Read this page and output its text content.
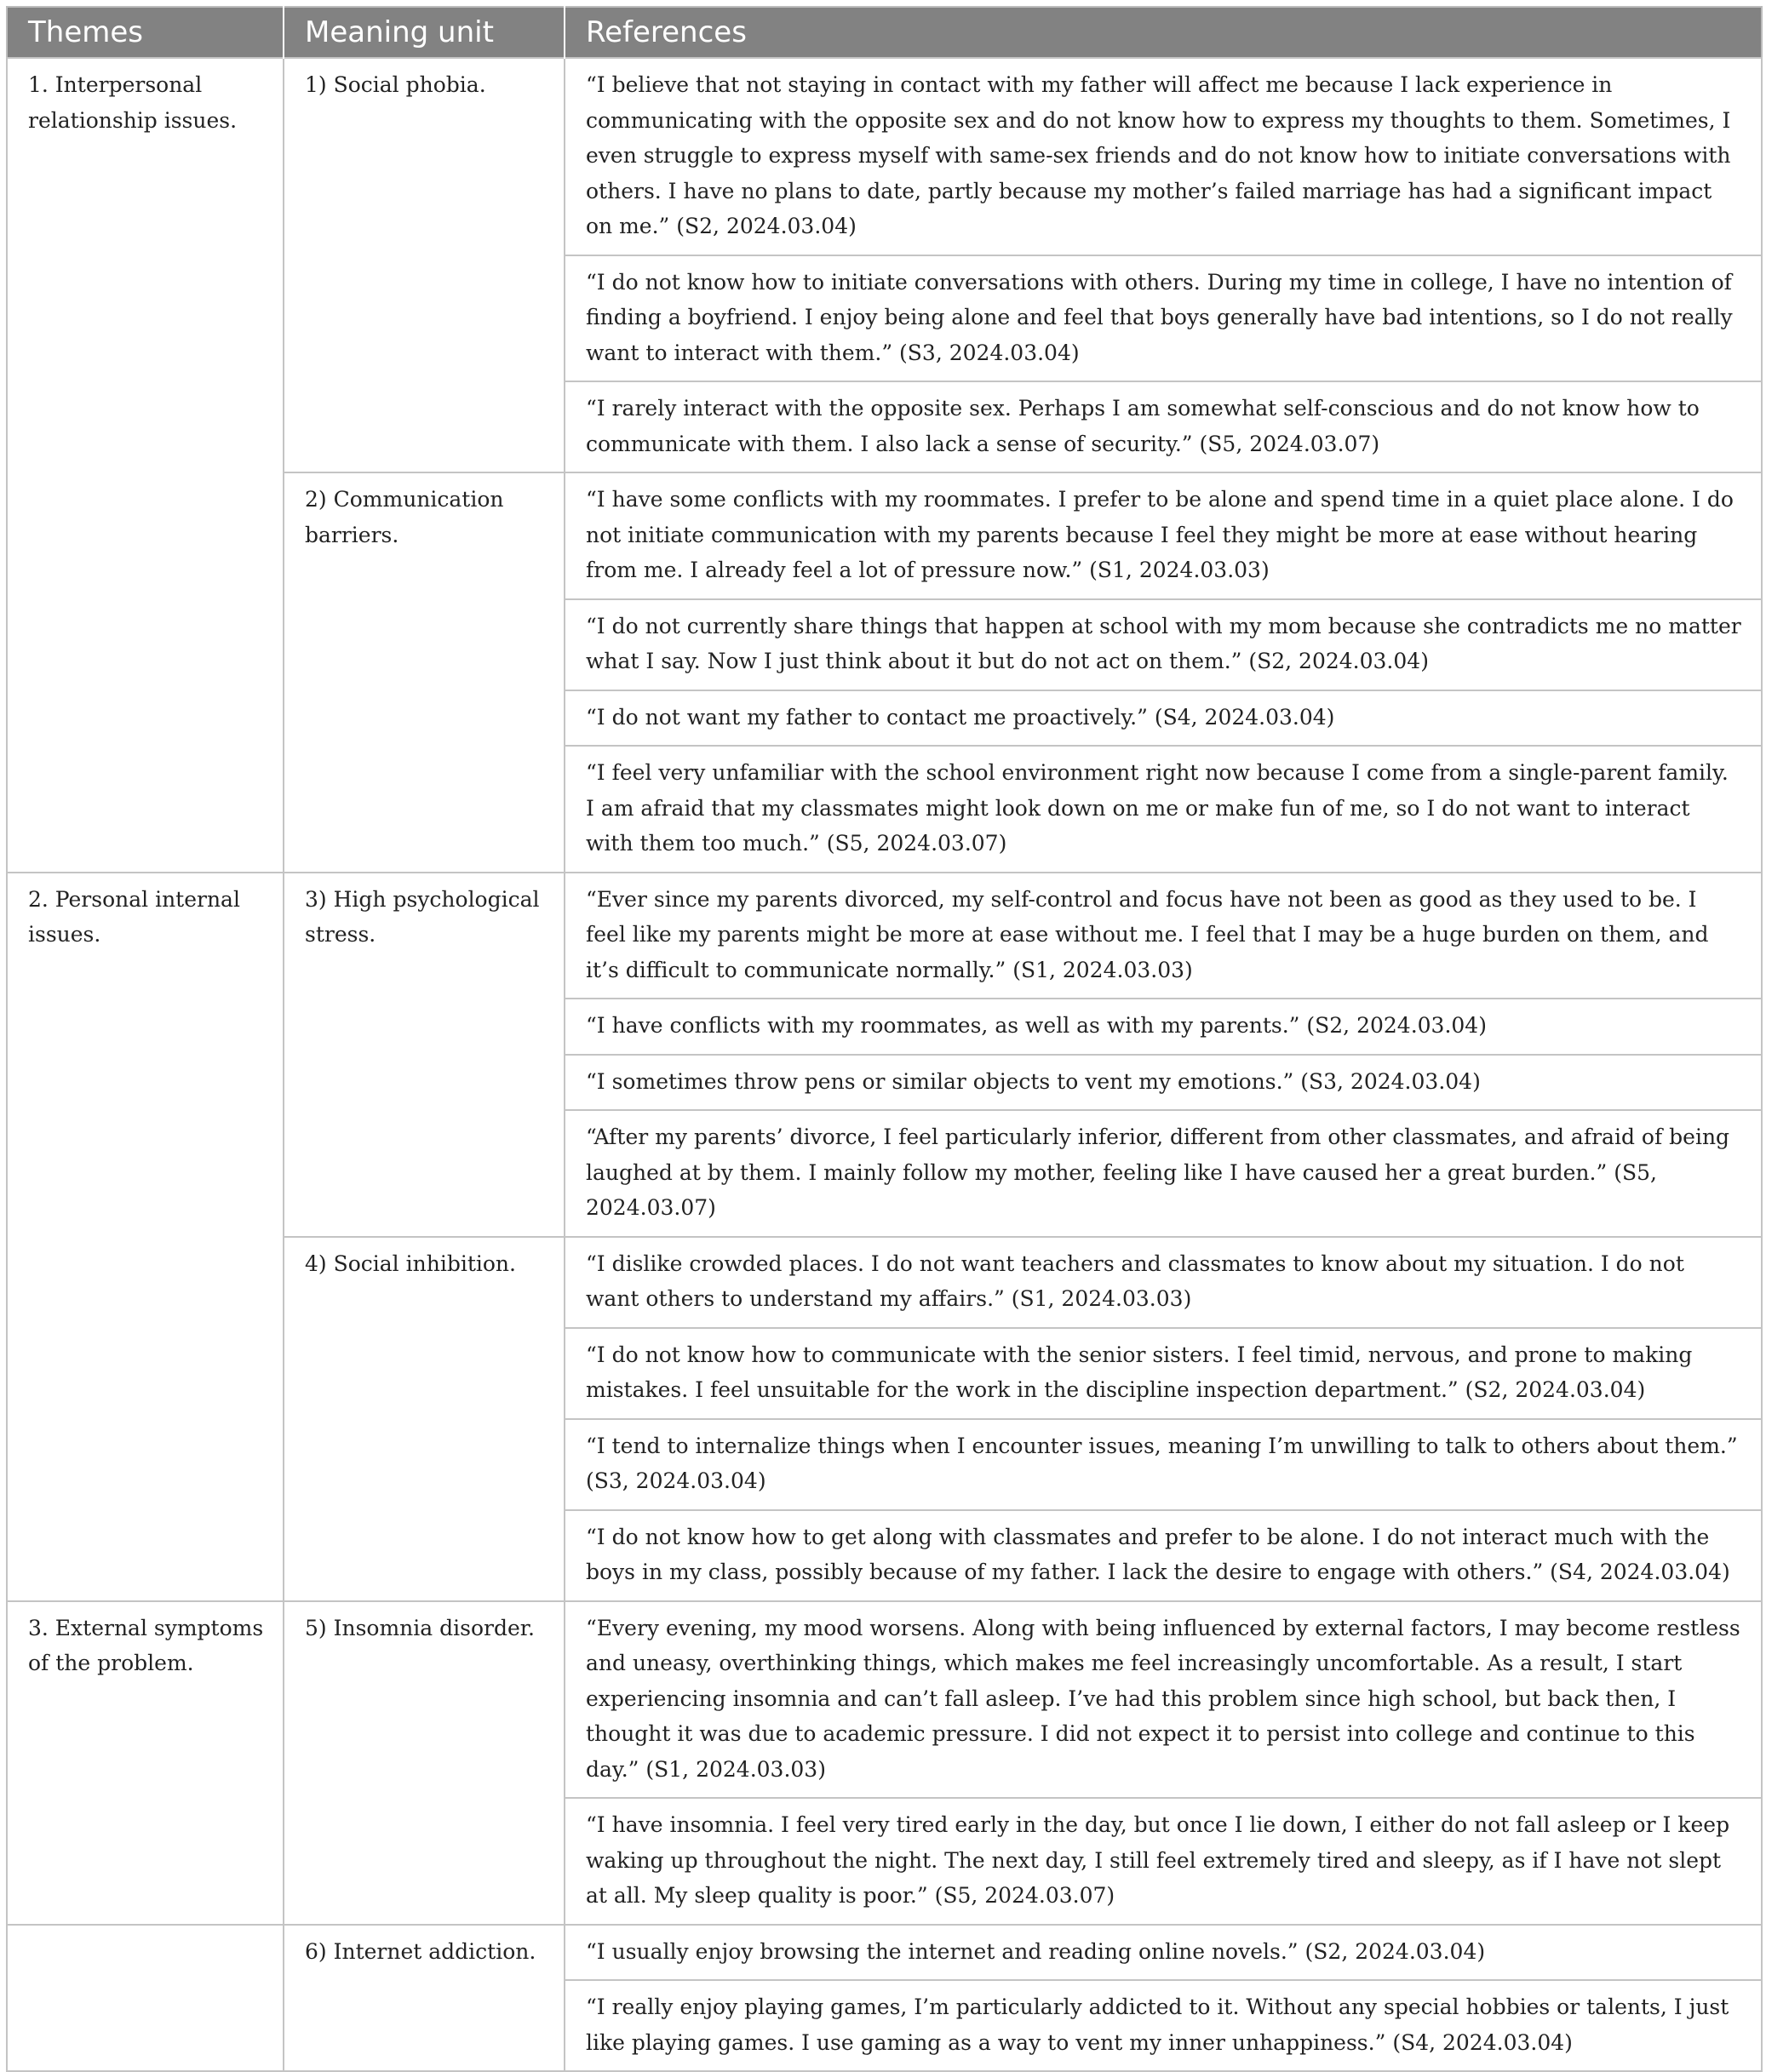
Themes	Meaning unit	References
1. Interpersonal relationship issues.	1) Social phobia.	“I believe that not staying in contact with my father will affect me because I lack experience in communicating with the opposite sex and do not know how to express my thoughts to them. Sometimes, I even struggle to express myself with same-sex friends and do not know how to initiate conversations with others. I have no plans to date, partly because my mother’s failed marriage has had a significant impact on me.” (S2, 2024.03.04)
		“I do not know how to initiate conversations with others. During my time in college, I have no intention of finding a boyfriend. I enjoy being alone and feel that boys generally have bad intentions, so I do not really want to interact with them.” (S3, 2024.03.04)
		“I rarely interact with the opposite sex. Perhaps I am somewhat self-conscious and do not know how to communicate with them. I also lack a sense of security.” (S5, 2024.03.07)
	2) Communication barriers.	“I have some conflicts with my roommates. I prefer to be alone and spend time in a quiet place alone. I do not initiate communication with my parents because I feel they might be more at ease without hearing from me. I already feel a lot of pressure now.” (S1, 2024.03.03)
		“I do not currently share things that happen at school with my mom because she contradicts me no matter what I say. Now I just think about it but do not act on them.” (S2, 2024.03.04)
		“I do not want my father to contact me proactively.” (S4, 2024.03.04)
		“I feel very unfamiliar with the school environment right now because I come from a single-parent family. I am afraid that my classmates might look down on me or make fun of me, so I do not want to interact with them too much.” (S5, 2024.03.07)
2. Personal internal issues.	3) High psychological stress.	“Ever since my parents divorced, my self-control and focus have not been as good as they used to be. I feel like my parents might be more at ease without me. I feel that I may be a huge burden on them, and it’s difficult to communicate normally.” (S1, 2024.03.03)
		“I have conflicts with my roommates, as well as with my parents.” (S2, 2024.03.04)
		“I sometimes throw pens or similar objects to vent my emotions.” (S3, 2024.03.04)
		“After my parents’ divorce, I feel particularly inferior, different from other classmates, and afraid of being laughed at by them. I mainly follow my mother, feeling like I have caused her a great burden.” (S5, 2024.03.07)
	4) Social inhibition.	“I dislike crowded places. I do not want teachers and classmates to know about my situation. I do not want others to understand my affairs.” (S1, 2024.03.03)
		“I do not know how to communicate with the senior sisters. I feel timid, nervous, and prone to making mistakes. I feel unsuitable for the work in the discipline inspection department.” (S2, 2024.03.04)
		“I tend to internalize things when I encounter issues, meaning I’m unwilling to talk to others about them.” (S3, 2024.03.04)
		“I do not know how to get along with classmates and prefer to be alone. I do not interact much with the boys in my class, possibly because of my father. I lack the desire to engage with others.” (S4, 2024.03.04)
3. External symptoms of the problem.	5) Insomnia disorder.	“Every evening, my mood worsens. Along with being influenced by external factors, I may become restless and uneasy, overthinking things, which makes me feel increasingly uncomfortable. As a result, I start experiencing insomnia and can’t fall asleep. I’ve had this problem since high school, but back then, I thought it was due to academic pressure. I did not expect it to persist into college and continue to this day.” (S1, 2024.03.03)
		“I have insomnia. I feel very tired early in the day, but once I lie down, I either do not fall asleep or I keep waking up throughout the night. The next day, I still feel extremely tired and sleepy, as if I have not slept at all. My sleep quality is poor.” (S5, 2024.03.07)
	6) Internet addiction.	“I usually enjoy browsing the internet and reading online novels.” (S2, 2024.03.04)
		“I really enjoy playing games, I’m particularly addicted to it. Without any special hobbies or talents, I just like playing games. I use gaming as a way to vent my inner unhappiness.” (S4, 2024.03.04)
